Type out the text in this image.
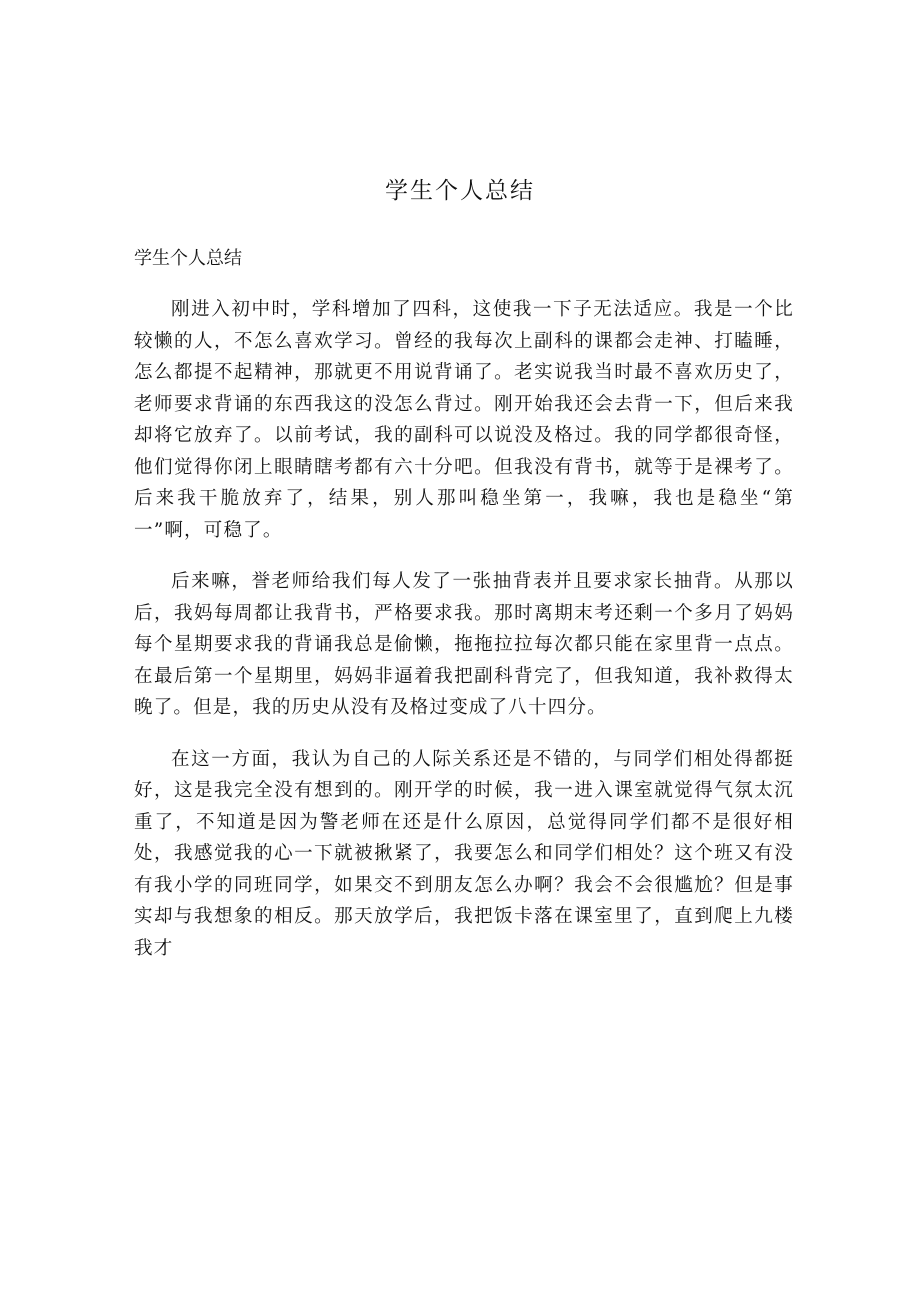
学生个人总结

学生个人总结

刚进入初中时，学科增加了四科，这使我一下子无法适应。我是一个比较懒的人，不怎么喜欢学习。曾经的我每次上副科的课都会走神、打瞌睡，怎么都提不起精神，那就更不用说背诵了。老实说我当时最不喜欢历史了，老师要求背诵的东西我这的没怎么背过。刚开始我还会去背一下，但后来我却将它放弃了。以前考试，我的副科可以说没及格过。我的同学都很奇怪，他们觉得你闭上眼睛瞎考都有六十分吧。但我没有背书，就等于是裸考了。后来我干脆放弃了，结果，别人那叫稳坐第一，我嘛，我也是稳坐“第一”啊，可稳了。

后来嘛，誉老师给我们每人发了一张抽背表并且要求家长抽背。从那以后，我妈每周都让我背书，严格要求我。那时离期末考还剩一个多月了妈妈每个星期要求我的背诵我总是偷懒，拖拖拉拉每次都只能在家里背一点点。在最后第一个星期里，妈妈非逼着我把副科背完了，但我知道，我补救得太晚了。但是，我的历史从没有及格过变成了八十四分。

在这一方面，我认为自己的人际关系还是不错的，与同学们相处得都挺好，这是我完全没有想到的。刚开学的时候，我一进入课室就觉得气氛太沉重了，不知道是因为警老师在还是什么原因，总觉得同学们都不是很好相处，我感觉我的心一下就被揪紧了，我要怎么和同学们相处？这个班又有没有我小学的同班同学，如果交不到朋友怎么办啊？我会不会很尴尬？但是事实却与我想象的相反。那天放学后，我把饭卡落在课室里了，直到爬上九楼我才
